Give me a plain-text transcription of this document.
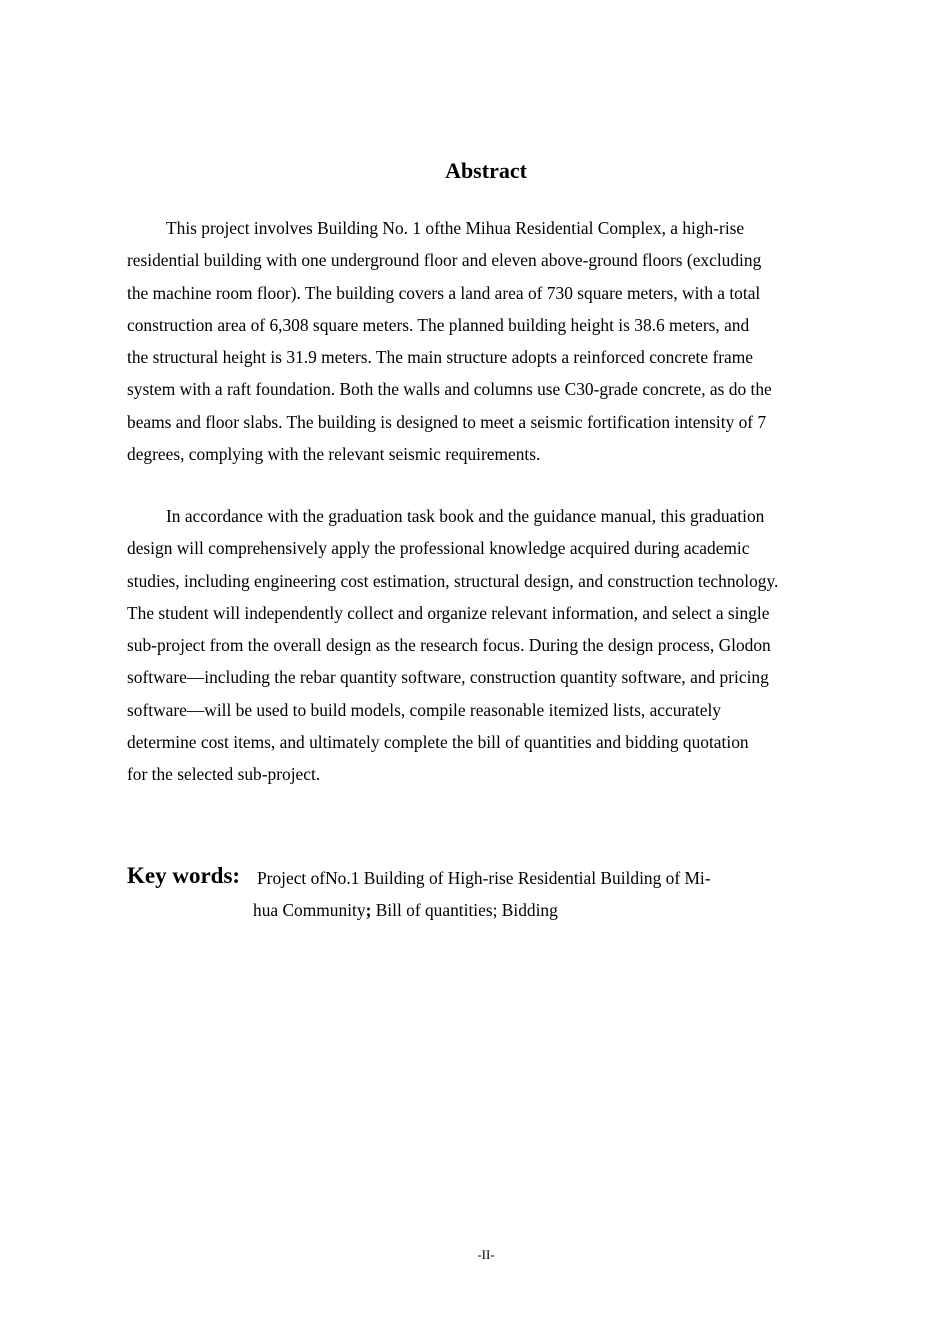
Abstract
This project involves Building No. 1 ofthe Mihua Residential Complex, a high-rise
residential building with one underground floor and eleven above-ground floors (excluding
the machine room floor). The building covers a land area of 730 square meters, with a total
construction area of 6,308 square meters. The planned building height is 38.6 meters, and
the structural height is 31.9 meters. The main structure adopts a reinforced concrete frame
system with a raft foundation. Both the walls and columns use C30-grade concrete, as do the
beams and floor slabs. The building is designed to meet a seismic fortification intensity of 7
degrees, complying with the relevant seismic requirements.
In accordance with the graduation task book and the guidance manual, this graduation
design will comprehensively apply the professional knowledge acquired during academic
studies, including engineering cost estimation, structural design, and construction technology.
The student will independently collect and organize relevant information, and select a single
sub-project from the overall design as the research focus. During the design process, Glodon
software—including the rebar quantity software, construction quantity software, and pricing
software—will be used to build models, compile reasonable itemized lists, accurately
determine cost items, and ultimately complete the bill of quantities and bidding quotation
for the selected sub-project.
Key words: Project ofNo.1 Building of High-rise Residential Building of Mi-
hua Community; Bill of quantities; Bidding
-II-
